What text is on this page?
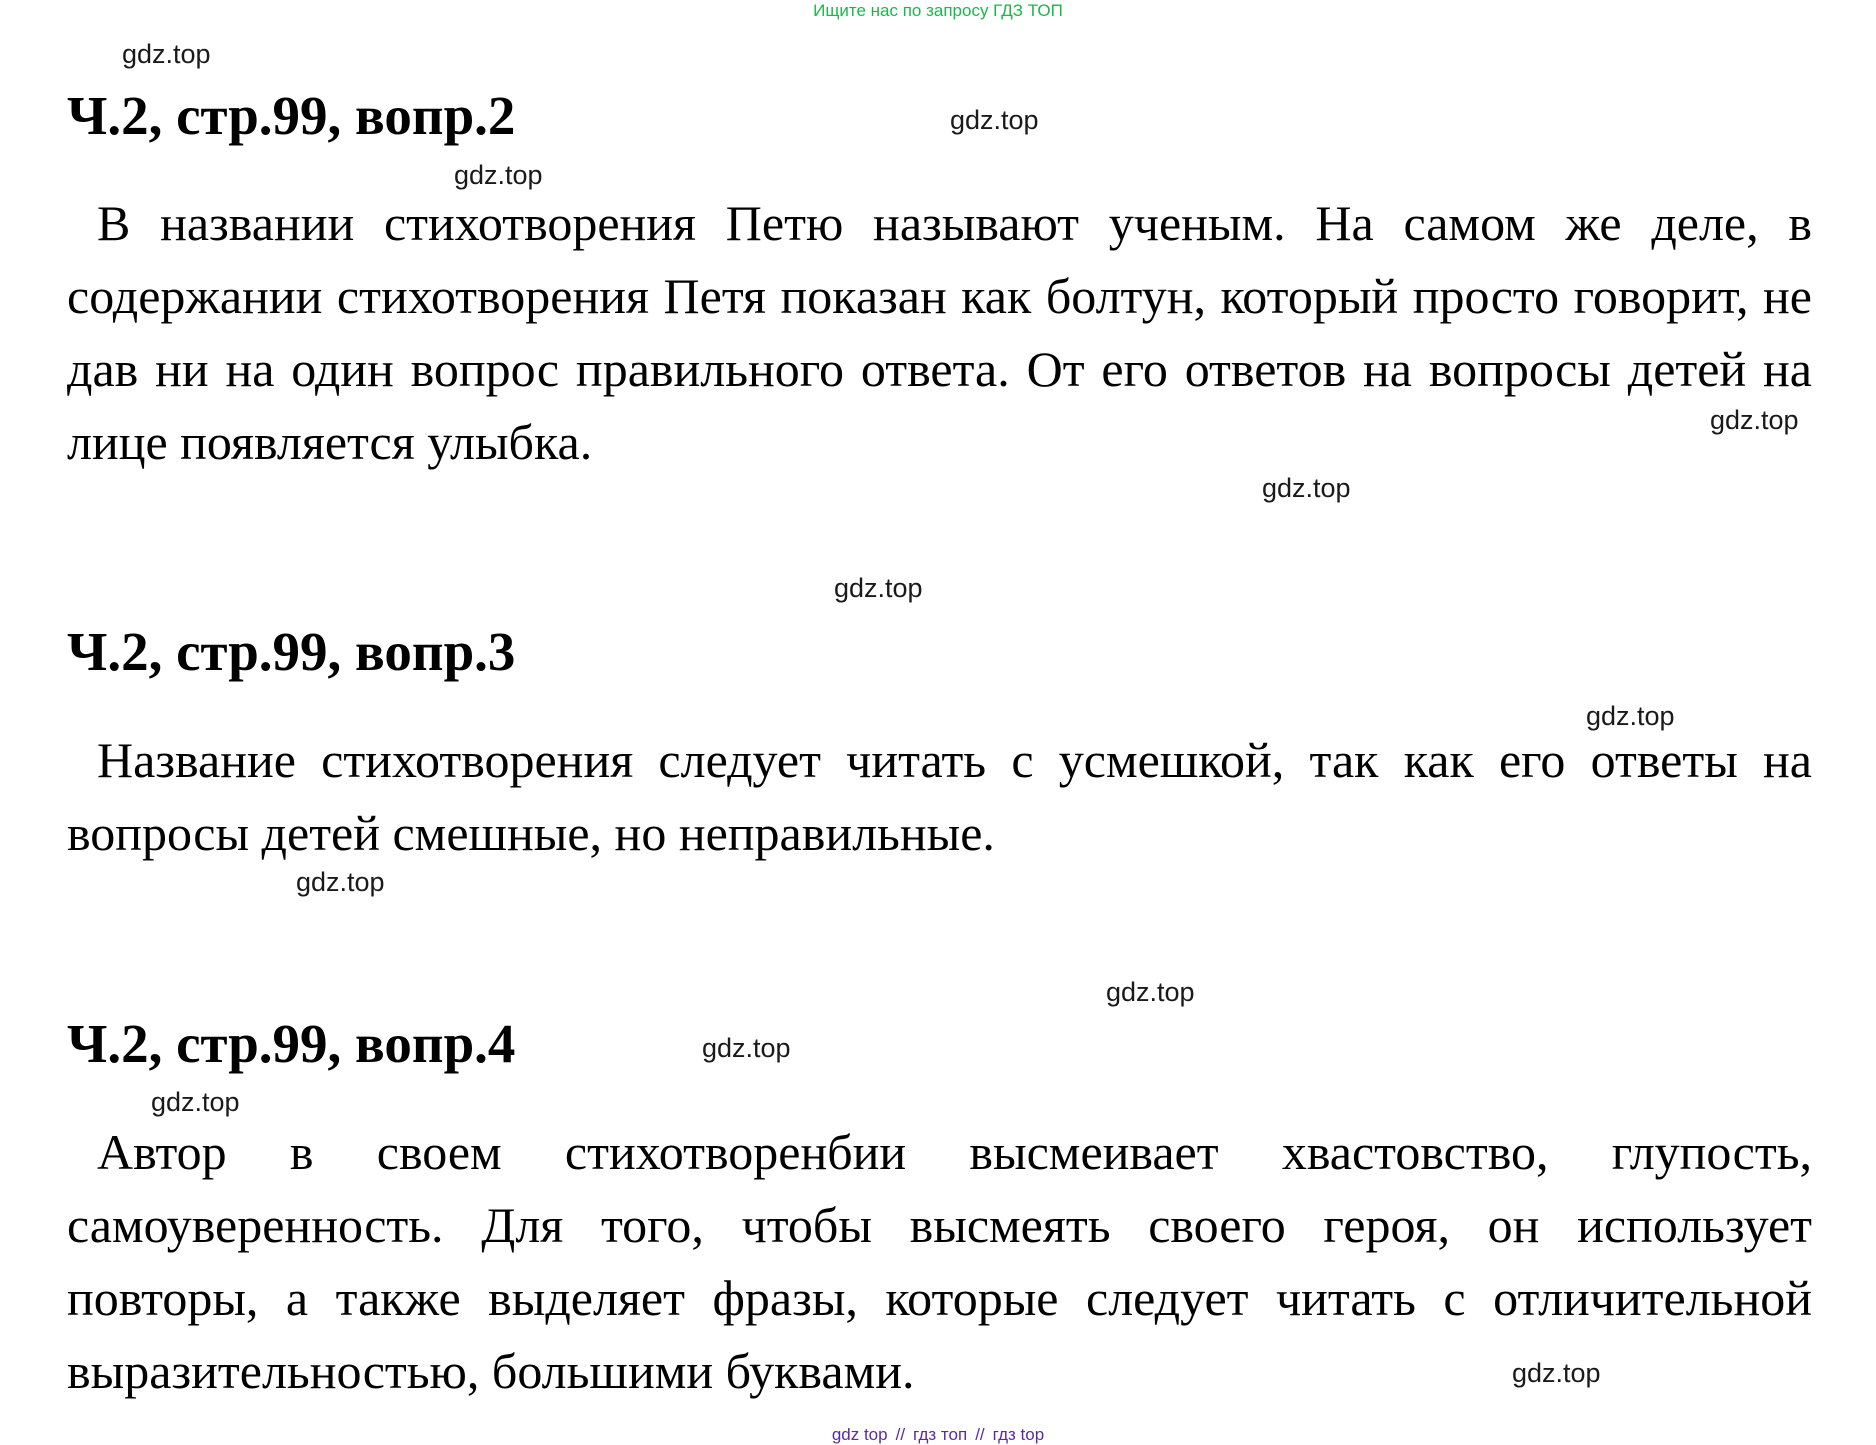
Ищите нас по запросу ГДЗ ТОП
Ч.2, стр.99, вопр.2

В названии стихотворения Петю называют ученым. На самом же деле, в содержании стихотворения Петя показан как болтун, который просто говорит, не дав ни на один вопрос правильного ответа. От его ответов на вопросы детей на лице появляется улыбка.

Ч.2, стр.99, вопр.3

Название стихотворения следует читать с усмешкой, так как его ответы на вопросы детей смешные, но неправильные.

Ч.2, стр.99, вопр.4

Автор в своем стихотворенбии высмеивает хвастовство, глупость, самоуверенность. Для того, чтобы высмеять своего героя, он использует повторы, а также выделяет фразы, которые следует читать с отличительной выразительностью, большими буквами.

gdz.top
gdz.top
gdz.top
gdz.top
gdz.top
gdz.top
gdz.top
gdz.top
gdz.top
gdz.top
gdz.top
gdz.top
gdz top // гдз топ // гдз top
